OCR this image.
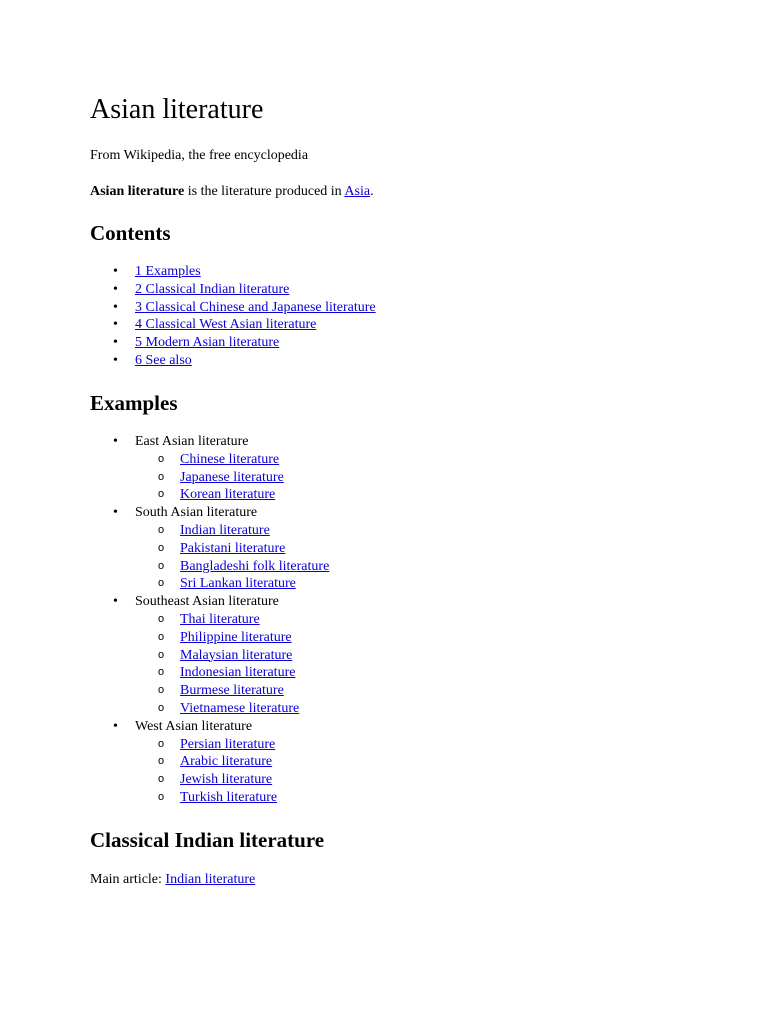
Asian literature

From Wikipedia, the free encyclopedia

Asian literature is the literature produced in Asia.

Contents
• 1 Examples
• 2 Classical Indian literature
• 3 Classical Chinese and Japanese literature
• 4 Classical West Asian literature
• 5 Modern Asian literature
• 6 See also
Examples
• East Asian literature
o Chinese literature
o Japanese literature
o Korean literature
• South Asian literature
o Indian literature
o Pakistani literature
o Bangladeshi folk literature
o Sri Lankan literature
• Southeast Asian literature
o Thai literature
o Philippine literature
o Malaysian literature
o Indonesian literature
o Burmese literature
o Vietnamese literature
• West Asian literature
o Persian literature
o Arabic literature
o Jewish literature
o Turkish literature
Classical Indian literature

Main article: Indian literature
